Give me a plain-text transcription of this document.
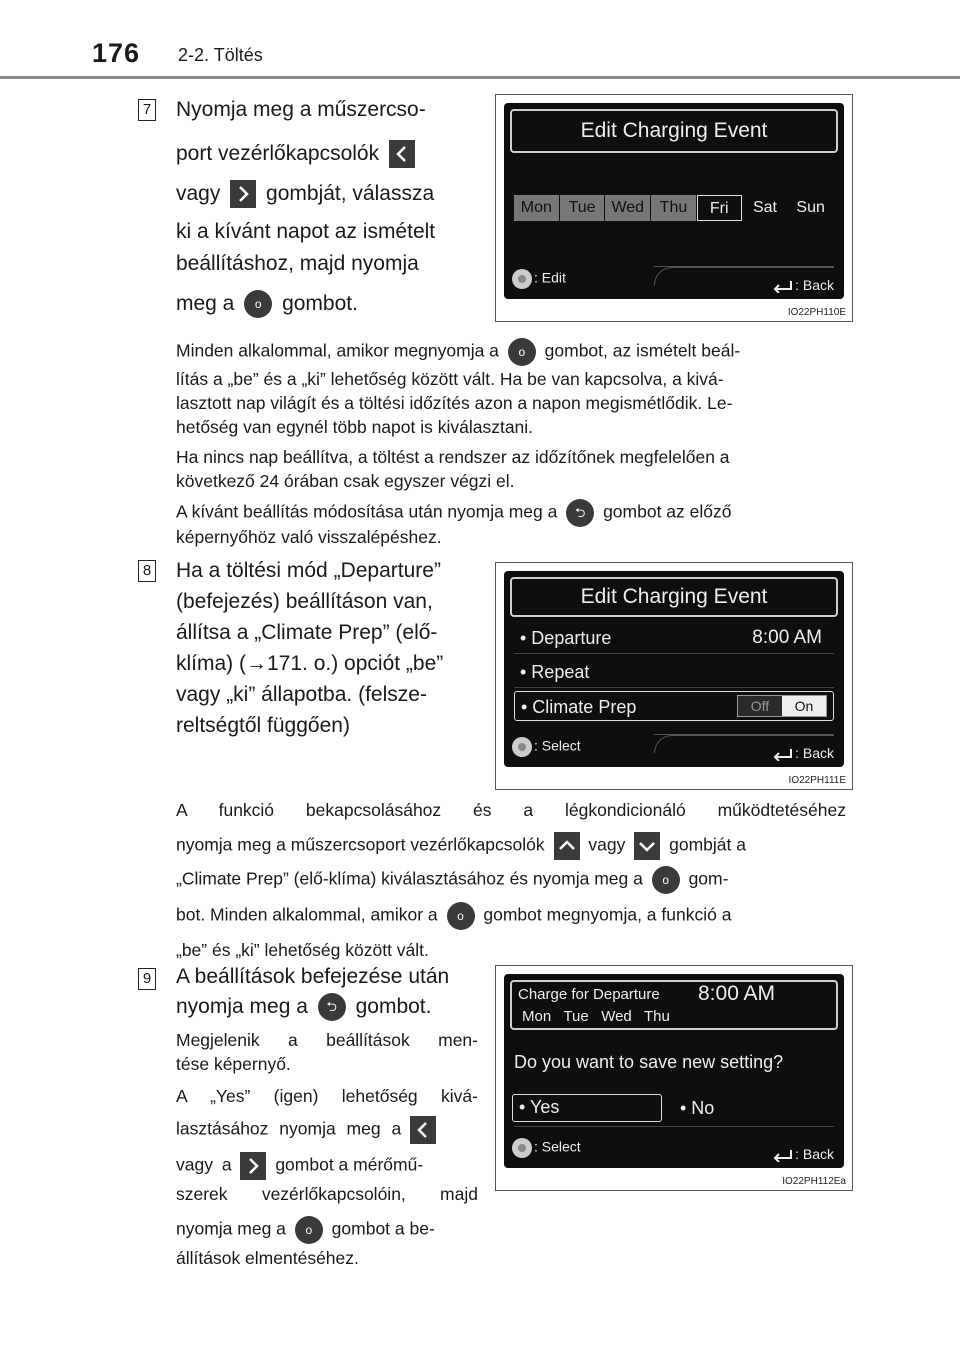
176 2-2. Töltés
7 Nyomja meg a műszercso-
port vezérlőkapcsolók
vagy gombját, válassza
ki a kívánt napot az ismételt
beállításhoz, majd nyomja
meg a o gombot.
Edit Charging Event
Mon	Tue Wed Thu	Fri	Sat	Sun
: Edit	: Back
IO22PH110E
Minden alkalommal, amikor megnyomja a o gombot, az ismételt beál-
lítás a „be” és a „ki” lehetőség között vált. Ha be van kapcsolva, a kivá-
lasztott nap világít és a töltési időzítés azon a napon megismétlődik. Le-
hetőség van egynél több napot is kiválasztani.
Ha nincs nap beállítva, a töltést a rendszer az időzítőnek megfelelően a
következő 24 órában csak egyszer végzi el.
A kívánt beállítás módosítása után nyomja meg a ⮌ gombot az előző
képernyőhöz való visszalépéshez.
8 Ha a töltési mód „Departure”
(befejezés) beállításon van,
állítsa a „Climate Prep” (elő-
klíma) (→171. o.) opciót „be”
vagy „ki” állapotba. (felsze-
reltségtől függően)
Edit Charging Event
• Departure	8:00 AM
• Repeat
• Climate Prep	Off	On
: Select	: Back
IO22PH111E
A funkció bekapcsolásához és a légkondicionáló működtetéséhez
nyomja meg a műszercsoport vezérlőkapcsolók	vagy	gombját a
„Climate Prep” (elő-klíma) kiválasztásához és nyomja meg a o gom-
bot. Minden alkalommal, amikor a o gombot megnyomja, a funkció a
„be” és „ki” lehetőség között vált.
9 A beállítások befejezése után
nyomja meg a ⮌ gombot.
Megjelenik a beállítások men-
tése képernyő.
A „Yes” (igen) lehetőség kivá-
lasztásához nyomja meg a
vagy a	gombot a mérőmű-
szerek vezérlőkapcsolóin, majd
nyomja meg a o gombot a be-
állítások elmentéséhez.
Charge for Departure 8:00 AM
Mon   Tue   Wed   Thu
Do you want to save new setting?
• Yes	• No
: Select	: Back
IO22PH112Ea
